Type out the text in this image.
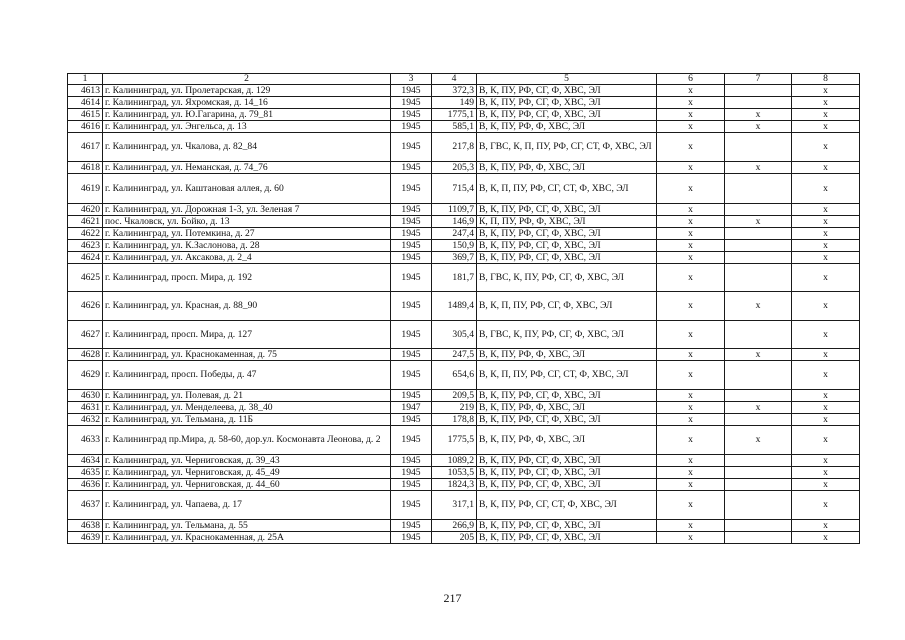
1	2	3	4	5	6	7	8
4613	г. Калининград, ул. Пролетарская, д. 129	1945	372,3	В, К, ПУ, РФ, СГ, Ф, ХВС, ЭЛ	х		х
4614	г. Калининград, ул. Яхромская, д. 14_16	1945	149	В, К, ПУ, РФ, СГ, Ф, ХВС, ЭЛ	х		х
4615	г. Калининград, ул. Ю.Гагарина, д. 79_81	1945	1775,1	В, К, ПУ, РФ, СГ, Ф, ХВС, ЭЛ	х	х	х
4616	г. Калининград, ул. Энгельса, д. 13	1945	585,1	В, К, ПУ, РФ, Ф, ХВС, ЭЛ	х	х	х
4617	г. Калининград, ул. Чкалова, д. 82_84	1945	217,8	В, ГВС, К, П, ПУ, РФ, СГ, СТ, Ф, ХВС, ЭЛ	х		х
4618	г. Калининград, ул. Неманская, д. 74_76	1945	205,3	В, К, ПУ, РФ, Ф, ХВС, ЭЛ	х	х	х
4619	г. Калининград, ул. Каштановая аллея, д. 60	1945	715,4	В, К, П, ПУ, РФ, СГ, СТ, Ф, ХВС, ЭЛ	х		х
4620	г. Калининград, ул. Дорожная 1-3, ул. Зеленая 7	1945	1109,7	В, К, ПУ, РФ, СГ, Ф, ХВС, ЭЛ	х		х
4621	пос. Чкаловск, ул. Бойко, д. 13	1945	146,9	К, П, ПУ, РФ, Ф, ХВС, ЭЛ	х	х	х
4622	г. Калининград, ул. Потемкина, д. 27	1945	247,4	В, К, ПУ, РФ, СГ, Ф, ХВС, ЭЛ	х		х
4623	г. Калининград, ул. К.Заслонова, д. 28	1945	150,9	В, К, ПУ, РФ, СГ, Ф, ХВС, ЭЛ	х		х
4624	г. Калининград, ул. Аксакова, д. 2_4	1945	369,7	В, К, ПУ, РФ, СГ, Ф, ХВС, ЭЛ	х		х
4625	г. Калининград, просп. Мира, д. 192	1945	181,7	В, ГВС, К, ПУ, РФ, СГ, Ф, ХВС, ЭЛ	х		х
4626	г. Калининград, ул. Красная, д. 88_90	1945	1489,4	В, К, П, ПУ, РФ, СГ, Ф, ХВС, ЭЛ	х	х	х
4627	г. Калининград, просп. Мира, д. 127	1945	305,4	В, ГВС, К, ПУ, РФ, СГ, Ф, ХВС, ЭЛ	х		х
4628	г. Калининград, ул. Краснокаменная, д. 75	1945	247,5	В, К, ПУ, РФ, Ф, ХВС, ЭЛ	х	х	х
4629	г. Калининград, просп. Победы, д. 47	1945	654,6	В, К, П, ПУ, РФ, СГ, СТ, Ф, ХВС, ЭЛ	х		х
4630	г. Калининград, ул. Полевая, д. 21	1945	209,5	В, К, ПУ, РФ, СГ, Ф, ХВС, ЭЛ	х		х
4631	г. Калининград, ул. Менделеева, д. 38_40	1947	219	В, К, ПУ, РФ, Ф, ХВС, ЭЛ	х	х	х
4632	г. Калининград, ул. Тельмана, д. 11Б	1945	178,8	В, К, ПУ, РФ, СГ, Ф, ХВС, ЭЛ	х		х
4633	г. Калининград пр.Мира, д. 58-60, дор.ул. Космонавта Леонова, д. 2	1945	1775,5	В, К, ПУ, РФ, Ф, ХВС, ЭЛ	х	х	х
4634	г. Калининград, ул. Черниговская, д. 39_43	1945	1089,2	В, К, ПУ, РФ, СГ, Ф, ХВС, ЭЛ	х		х
4635	г. Калининград, ул. Черниговская, д. 45_49	1945	1053,5	В, К, ПУ, РФ, СГ, Ф, ХВС, ЭЛ	х		х
4636	г. Калининград, ул. Черниговская, д. 44_60	1945	1824,3	В, К, ПУ, РФ, СГ, Ф, ХВС, ЭЛ	х		х
4637	г. Калининград, ул. Чапаева, д. 17	1945	317,1	В, К, ПУ, РФ, СГ, СТ, Ф, ХВС, ЭЛ	х		х
4638	г. Калининград, ул. Тельмана, д. 55	1945	266,9	В, К, ПУ, РФ, СГ, Ф, ХВС, ЭЛ	х		х
4639	г. Калининград, ул. Краснокаменная, д. 25А	1945	205	В, К, ПУ, РФ, СГ, Ф, ХВС, ЭЛ	х		х
217
